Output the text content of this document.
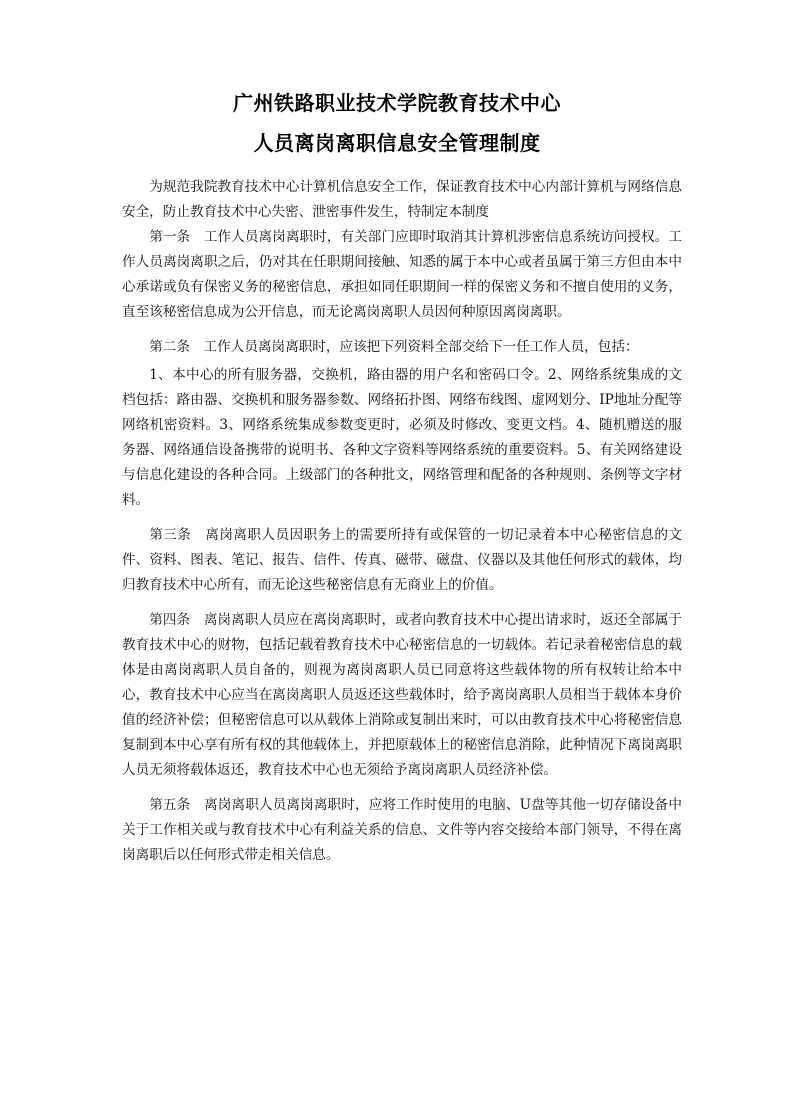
广州铁路职业技术学院教育技术中心
人员离岗离职信息安全管理制度

为规范我院教育技术中心计算机信息安全工作，保证教育技术中心内部计算机与网络信息安全，防止教育技术中心失密、泄密事件发生，特制定本制度

第一条　工作人员离岗离职时，有关部门应即时取消其计算机涉密信息系统访问授权。工作人员离岗离职之后，仍对其在任职期间接触、知悉的属于本中心或者虽属于第三方但由本中心承诺或负有保密义务的秘密信息，承担如同任职期间一样的保密义务和不擅自使用的义务，直至该秘密信息成为公开信息，而无论离岗离职人员因何种原因离岗离职。

第二条　工作人员离岗离职时，应该把下列资料全部交给下一任工作人员，包括：

1、本中心的所有服务器，交换机，路由器的用户名和密码口令。2、网络系统集成的文档包括：路由器、交换机和服务器参数、网络拓扑图、网络布线图、虚网划分、IP地址分配等网络机密资料。3、网络系统集成参数变更时，必须及时修改、变更文档。4、随机赠送的服务器、网络通信设备携带的说明书、各种文字资料等网络系统的重要资料。5、有关网络建设与信息化建设的各种合同。上级部门的各种批文，网络管理和配备的各种规则、条例等文字材料。

第三条　离岗离职人员因职务上的需要所持有或保管的一切记录着本中心秘密信息的文件、资料、图表、笔记、报告、信件、传真、磁带、磁盘、仪器以及其他任何形式的载体，均归教育技术中心所有，而无论这些秘密信息有无商业上的价值。

第四条　离岗离职人员应在离岗离职时，或者向教育技术中心提出请求时，返还全部属于教育技术中心的财物，包括记载着教育技术中心秘密信息的一切载体。若记录着秘密信息的载体是由离岗离职人员自备的，则视为离岗离职人员已同意将这些载体物的所有权转让给本中心，教育技术中心应当在离岗离职人员返还这些载体时，给予离岗离职人员相当于载体本身价值的经济补偿；但秘密信息可以从载体上消除或复制出来时，可以由教育技术中心将秘密信息复制到本中心享有所有权的其他载体上，并把原载体上的秘密信息消除，此种情况下离岗离职人员无须将载体返还，教育技术中心也无须给予离岗离职人员经济补偿。

第五条　离岗离职人员离岗离职时，应将工作时使用的电脑、U盘等其他一切存储设备中关于工作相关或与教育技术中心有利益关系的信息、文件等内容交接给本部门领导，不得在离岗离职后以任何形式带走相关信息。
